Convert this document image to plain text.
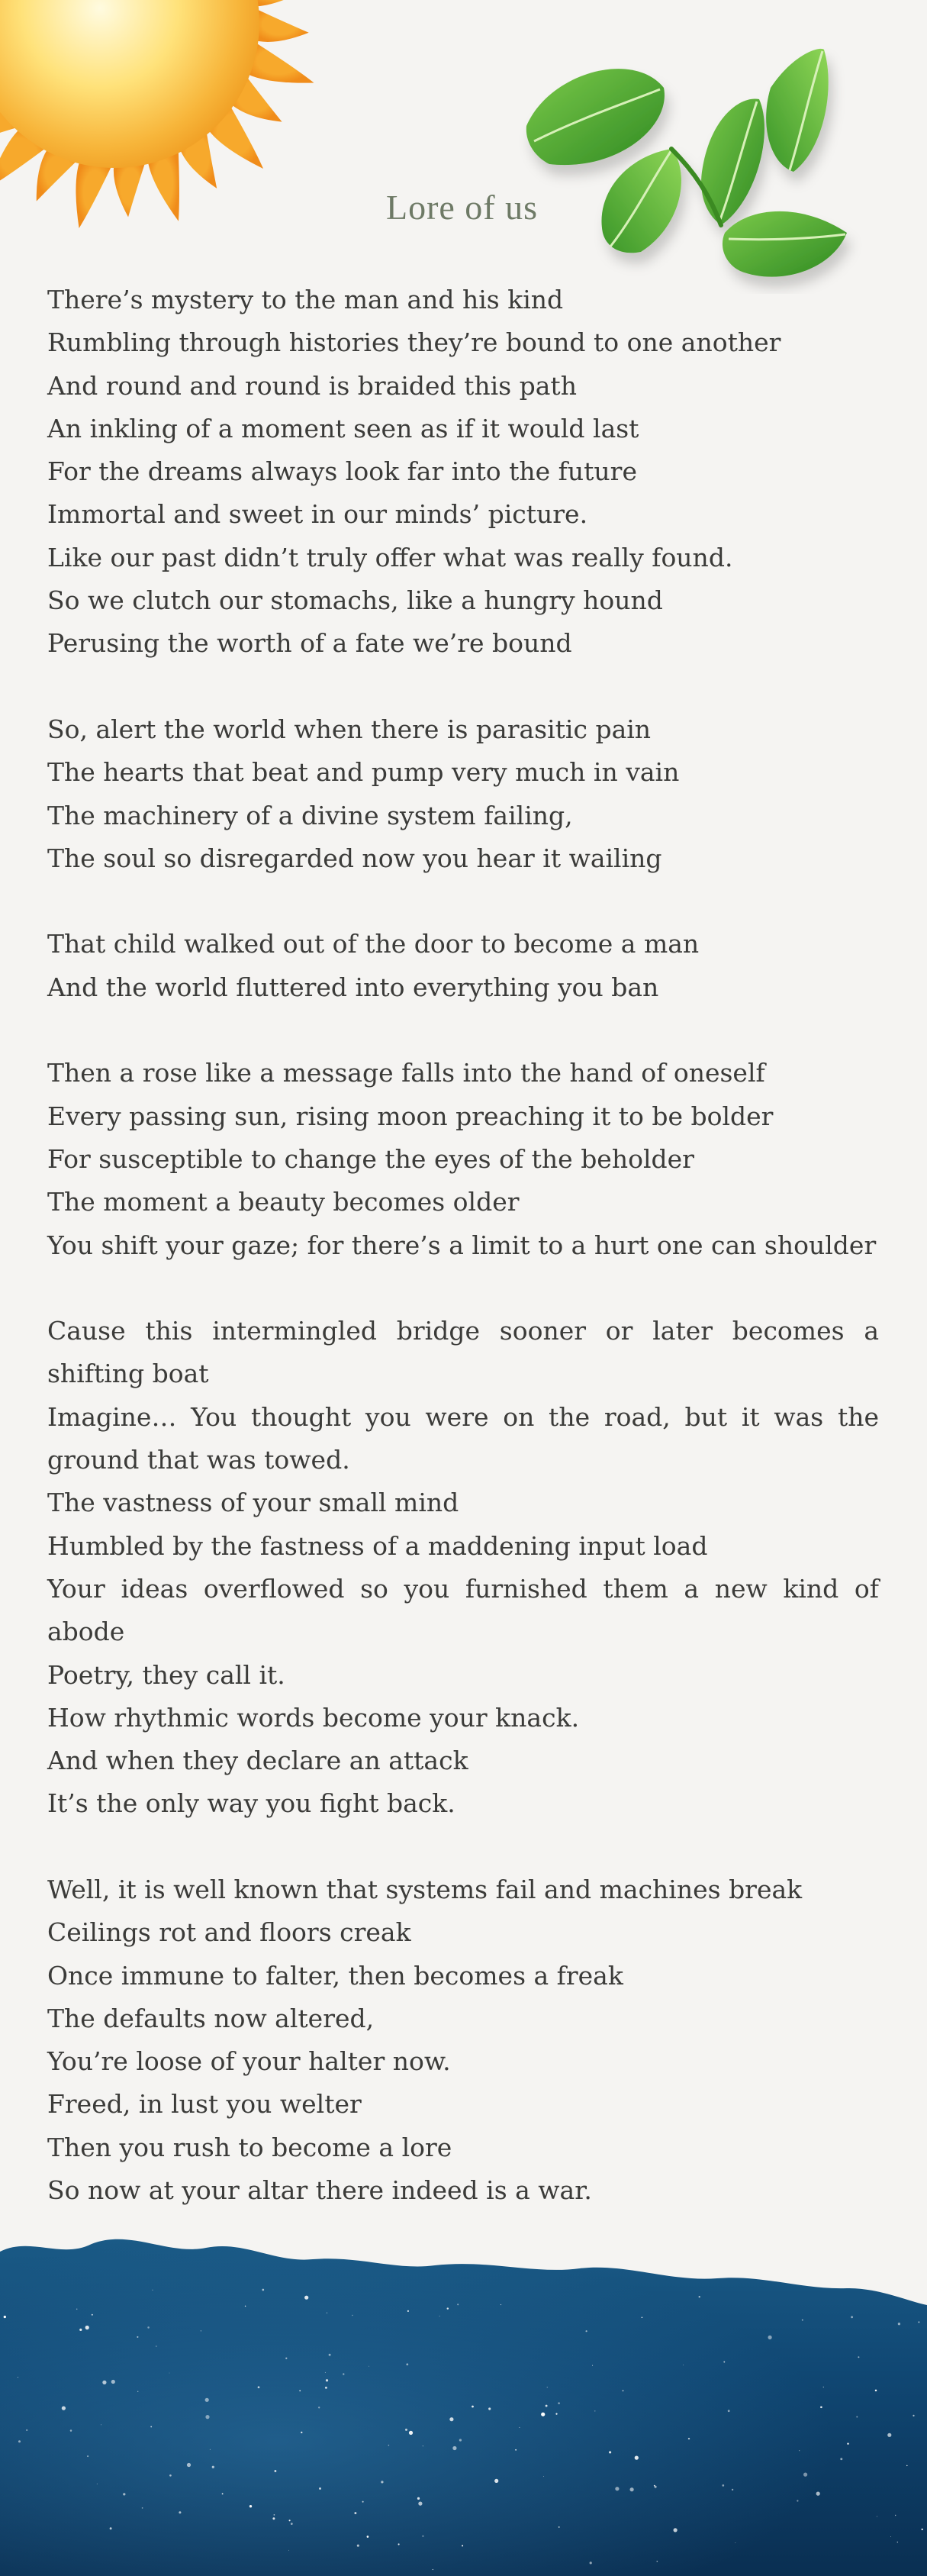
Lore of us
There’s mystery to the man and his kind
Rumbling through histories they’re bound to one another
And round and round is braided this path
An inkling of a moment seen as if it would last
For the dreams always look far into the future
Immortal and sweet in our minds’ picture.
Like our past didn’t truly offer what was really found.
So we clutch our stomachs, like a hungry hound
Perusing the worth of a fate we’re bound
So, alert the world when there is parasitic pain
The hearts that beat and pump very much in vain
The machinery of a divine system failing,
The soul so disregarded now you hear it wailing
That child walked out of the door to become a man
And the world fluttered into everything you ban
Then a rose like a message falls into the hand of oneself
Every passing sun, rising moon preaching it to be bolder
For susceptible to change the eyes of the beholder
The moment a beauty becomes older
You shift your gaze; for there’s a limit to a hurt one can shoulder
Cause this intermingled bridge sooner or later becomes a shifting boat
Imagine… You thought you were on the road, but it was the ground that was towed.
The vastness of your small mind
Humbled by the fastness of a maddening input load
Your ideas overflowed so you furnished them a new kind of abode
Poetry, they call it.
How rhythmic words become your knack.
And when they declare an attack
It’s the only way you fight back.
Well, it is well known that systems fail and machines break
Ceilings rot and floors creak
Once immune to falter, then becomes a freak
The defaults now altered,
You’re loose of your halter now.
Freed, in lust you welter
Then you rush to become a lore
So now at your altar there indeed is a war.
